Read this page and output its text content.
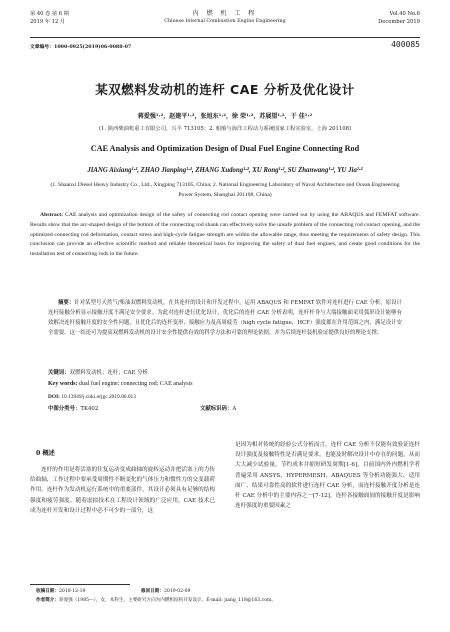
第 40 卷 第 6 期
2019 年 12 月
内 燃 机 工 程
Chinese Internal Combustion Engine Engineering
Vol.40 No.6
December 2019
文章编号：1000-0925(2019)06-0088-07	400085
某双燃料发动机的连杆 CAE 分析及优化设计
蒋爱强¹·²，赵建平¹·²，张旭东¹·²，徐 荣¹·²，苏展望¹·²，于 佳¹·²
(1. 陕西柴油机重工有限公司，兴平 713105；2. 船舶与海洋工程动力系统国家工程实验室，上海 201108)
CAE Analysis and Optimization Design of Dual Fuel Engine Connecting Rod
JIANG Aixiang¹·², ZHAO Jianping¹·², ZHANG Xudong¹·², XU Rong¹·², SU Zhanwang¹·², YU Jia¹·²
(1. Shaanxi Diesel Heavy Industry Co., Ltd., Xingping 713105, China; 2. National Engineering Laboratory of Naval Architecture and Ocean Engineering Power System, Shanghai 201108, China)
Abstract: CAE analysis and optimization design of the safety of connecting rod contact opening were carried out by using the ABAQUS and FEMFAT software. Results show that the arc-shaped design of the bottom of the connecting rod shank can effectively solve the unsafe problem of the connecting rod contact opening, and the optimized connecting rod deformation, contact stress and high-cycle fatigue strength are within the allowable range, thus meeting the requirements of safety design. This conclusion can provide an effective scientific method and reliable theoretical basis for improving the safety of dual fuel engines, and create good conditions for the installation test of connecting rods in the future.
摘要：针对某型号天然气/柴油双燃料发动机，在其连杆的设计和开发过程中，运用 ABAQUS 和 FEMFAT 软件对连杆进行 CAE 分析，原设计连杆接触分析显示接触开度不满足安全要求。为此对连杆进行优化设计，优化后的连杆 CAE 分析表明，连杆杆身与大端接触面采用弧形设计能够有效解决连杆接触开度的安全性问题，且优化后的连杆变形、接触应力及高周疲劳（high cycle fatigue，HCF）强度都在许用范围之内，满足设计安全需要。这一结论可为提高双燃料发动机的设计安全性提供有效的科学方法和可靠的理论依据，并为后续连杆装机验证提供良好的理论支撑。
关键词：双燃料发动机；连杆；CAE 分析
Key words: dual fuel engine; connecting rod; CAE analysis
DOI: 10.13949/j.cnki.nrjgc.2019.06.013
中图分类号：TK402	文献标识码：A
0 概述
连杆的作用是将活塞的往复运动变成曲轴的旋转运动并把活塞上的力传给曲轴，工作过程中要承受周期性不断变化的气体压力和惯性力的交变载荷作用。连杆作为发动机运行系统中的重要部件，其设计必须具有足够的结构强度和疲劳强度。随着虚拟技术在工程设计领域的广泛应用，CAE 技术已成为连杆开发和设计过程中必不可少的一部分，这
是因为相对传统的经验公式分析而言，连杆 CAE 分析不仅能有效验证连杆设计强度及接触特性是否满足要求，也能及时解决设计中存在的问题，从而大大减少试验量，节约成本并缩短研发周期[1-6]。目前国内外内燃机学者普遍采用 ANSYS、HYPERMESH、ABAQUES 等分析功能强大、适用面广、结果可靠性高的软件进行连杆 CAE 分析，而连杆接触开度分析是连杆 CAE 分析中的主要内容之一[7-12]。连杆各接触面间的接触开度是影响连杆强度的重要因素之
收稿日期：2018-12-19	修回日期：2019-02-09
作者简介：蒋爱强（1985—），女，本科生，主要研究方向为内燃机结构开发设计。E-mail: jiang_118@163.com。
